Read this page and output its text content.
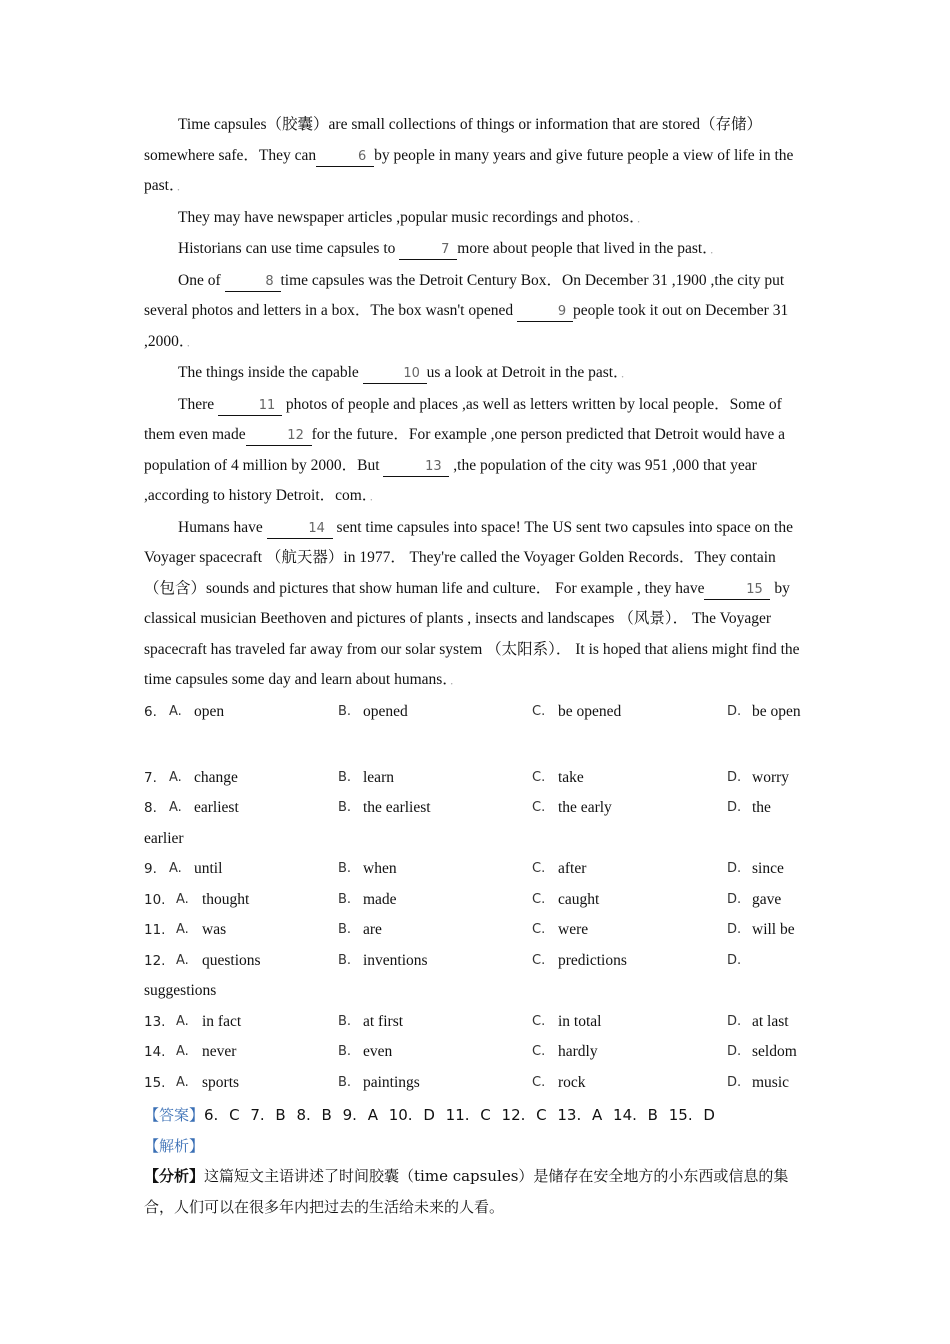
Time capsules（胶囊）are small collections of things or information that are stored（存储）somewhere safe．They can	6 by people in many years and give future people a view of life in the past．．

They may have newspaper articles ,popular music recordings and photos．．

Historians can use time capsules to	7 more about people that lived in the past．．

One of	8 time capsules was the Detroit Century Box．On December 31 ,1900 ,the city put several photos and letters in a box．The box wasn't opened	9 people took it out on December 31 ,2000．．

The things inside the capable	10 us a look at Detroit in the past．．

There	11 photos of people and places ,as well as letters written by local people．Some of them even made	12 for the future．For example ,one person predicted that Detroit would have a population of 4 million by 2000．But	13 ,the population of the city was 951 ,000 that year ,according to history Detroit．com．．

Humans have	14 sent time capsules into space! The US sent two capsules into space on the Voyager spacecraft （航天器）in 1977． They're called the Voyager Golden Records．They contain （包含）sounds and pictures that show human life and culture． For example , they have	15 by classical musician Beethoven and pictures of plants , insects and landscapes （风景）． The Voyager spacecraft has traveled far away from our solar system （太阳系）． It is hoped that aliens might find the time capsules some day and learn about humans．．

6. A. open	B. opened	C. be opened	D. be open
7. A. change	B. learn	C. take	D. worry
8. A. earliest	B. the earliest	C. the early	D. the
earlier
9. A. until	B. when	C. after	D. since
10. A. thought	B. made	C. caught	D. gave
11. A. was	B. are	C. were	D. will be
12. A. questions	B. inventions	C. predictions	D.
suggestions
13. A. in fact	B. at first	C. in total	D. at last
14. A. never	B. even	C. hardly	D. seldom
15. A. sports	B. paintings	C. rock	D. music
【答案】6. C 7. B 8. B 9. A 10. D 11. C 12. C 13. A 14. B 15. D
【解析】

【分析】这篇短文主语讲述了时间胶囊（time capsules）是储存在安全地方的小东西或信息的集合，人们可以在很多年内把过去的生活给未来的人看。
